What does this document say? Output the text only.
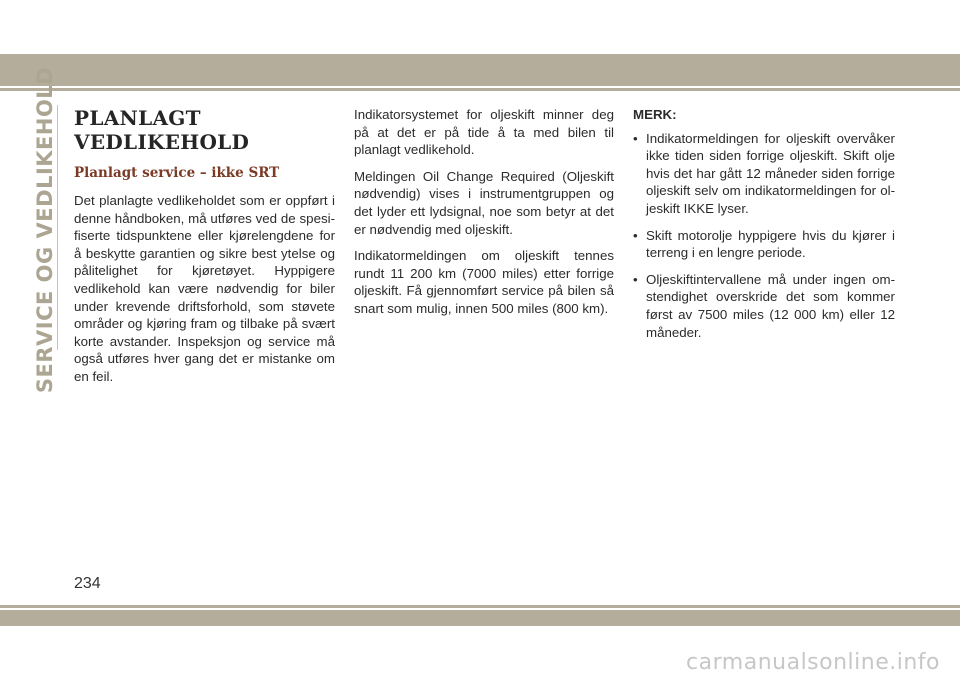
SERVICE OG VEDLIKEHOLD PLANLAGT VEDLIKEHOLD
Planlagt service – ikke SRT

Det planlagte vedlikeholdet som er oppført i denne håndboken, må utføres ved de spesifiserte tidspunktene eller kjørelengdene for å beskytte garantien og sikre best ytelse og pålitelighet for kjøretøyet. Hyppigere vedlikehold kan være nødvendig for biler under krevende driftsforhold, som støvete områder og kjøring fram og tilbake på svært korte avstander. Inspeksjon og service må også utføres hver gang det er mistanke om en feil.

Indikatorsystemet for oljeskift minner deg på at det er på tide å ta med bilen til planlagt vedlikehold.

Meldingen Oil Change Required (Oljeskift nødvendig) vises i instrumentgruppen og det lyder ett lydsignal, noe som betyr at det er nødvendig med oljeskift.

Indikatormeldingen om oljeskift tennes rundt 11 200 km (7000 miles) etter forrige oljeskift. Få gjennomført service på bilen så snart som mulig, innen 500 miles (800 km).

MERK:
• Indikatormeldingen for oljeskift overvåker ikke tiden siden forrige oljeskift. Skift olje hvis det har gått 12 måneder siden forrige oljeskift selv om indikatormeldingen for oljeskift IKKE lyser.
• Skift motorolje hyppigere hvis du kjører i terreng i en lengre periode.
• Oljeskiftintervallene må under ingen omstendighet overskride det som kommer først av 7500 miles (12 000 km) eller 12 måneder.
234
carmanualsonline.info
